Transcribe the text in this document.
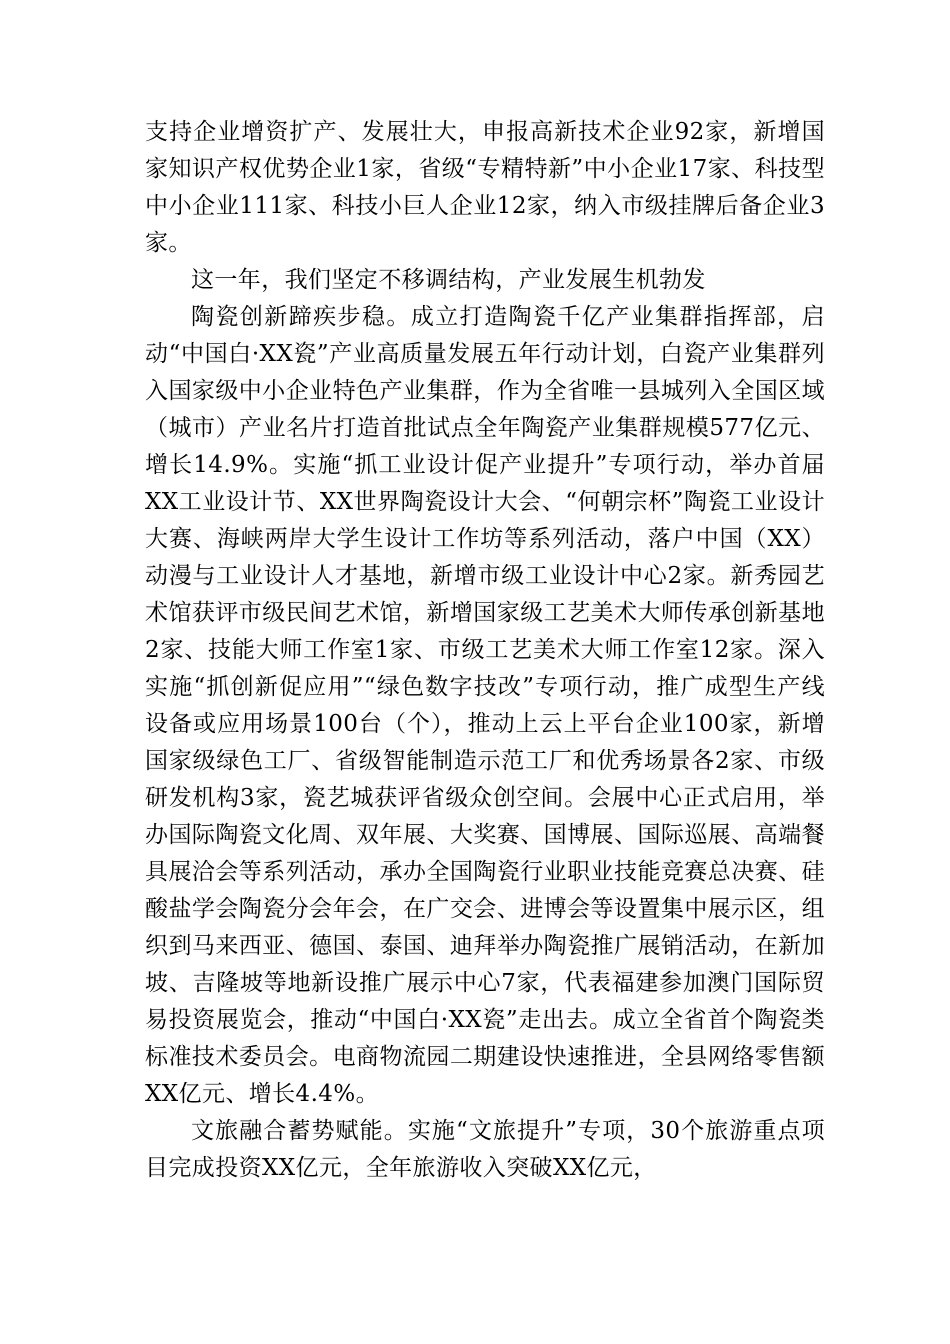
支持企业增资扩产、发展壮大，申报高新技术企业92家，新增国家知识产权优势企业1家，省级“专精特新”中小企业17家、科技型中小企业111家、科技小巨人企业12家，纳入市级挂牌后备企业3家。

这一年，我们坚定不移调结构，产业发展生机勃发

陶瓷创新蹄疾步稳。成立打造陶瓷千亿产业集群指挥部，启动“中国白·XX瓷”产业高质量发展五年行动计划，白瓷产业集群列入国家级中小企业特色产业集群，作为全省唯一县城列入全国区域（城市）产业名片打造首批试点全年陶瓷产业集群规模577亿元、增长14.9%。实施“抓工业设计促产业提升”专项行动，举办首届XX工业设计节、XX世界陶瓷设计大会、“何朝宗杯”陶瓷工业设计大赛、海峡两岸大学生设计工作坊等系列活动，落户中国（XX）动漫与工业设计人才基地，新增市级工业设计中心2家。新秀园艺术馆获评市级民间艺术馆，新增国家级工艺美术大师传承创新基地2家、技能大师工作室1家、市级工艺美术大师工作室12家。深入实施“抓创新促应用”“绿色数字技改”专项行动，推广成型生产线设备或应用场景100台（个），推动上云上平台企业100家，新增国家级绿色工厂、省级智能制造示范工厂和优秀场景各2家、市级研发机构3家，瓷艺城获评省级众创空间。会展中心正式启用，举办国际陶瓷文化周、双年展、大奖赛、国博展、国际巡展、高端餐具展洽会等系列活动，承办全国陶瓷行业职业技能竞赛总决赛、硅酸盐学会陶瓷分会年会，在广交会、进博会等设置集中展示区，组织到马来西亚、德国、泰国、迪拜举办陶瓷推广展销活动，在新加坡、吉隆坡等地新设推广展示中心7家，代表福建参加澳门国际贸易投资展览会，推动“中国白·XX瓷”走出去。成立全省首个陶瓷类标准技术委员会。电商物流园二期建设快速推进，全县网络零售额XX亿元、增长4.4%。

文旅融合蓄势赋能。实施“文旅提升”专项，30个旅游重点项目完成投资XX亿元，全年旅游收入突破XX亿元，
